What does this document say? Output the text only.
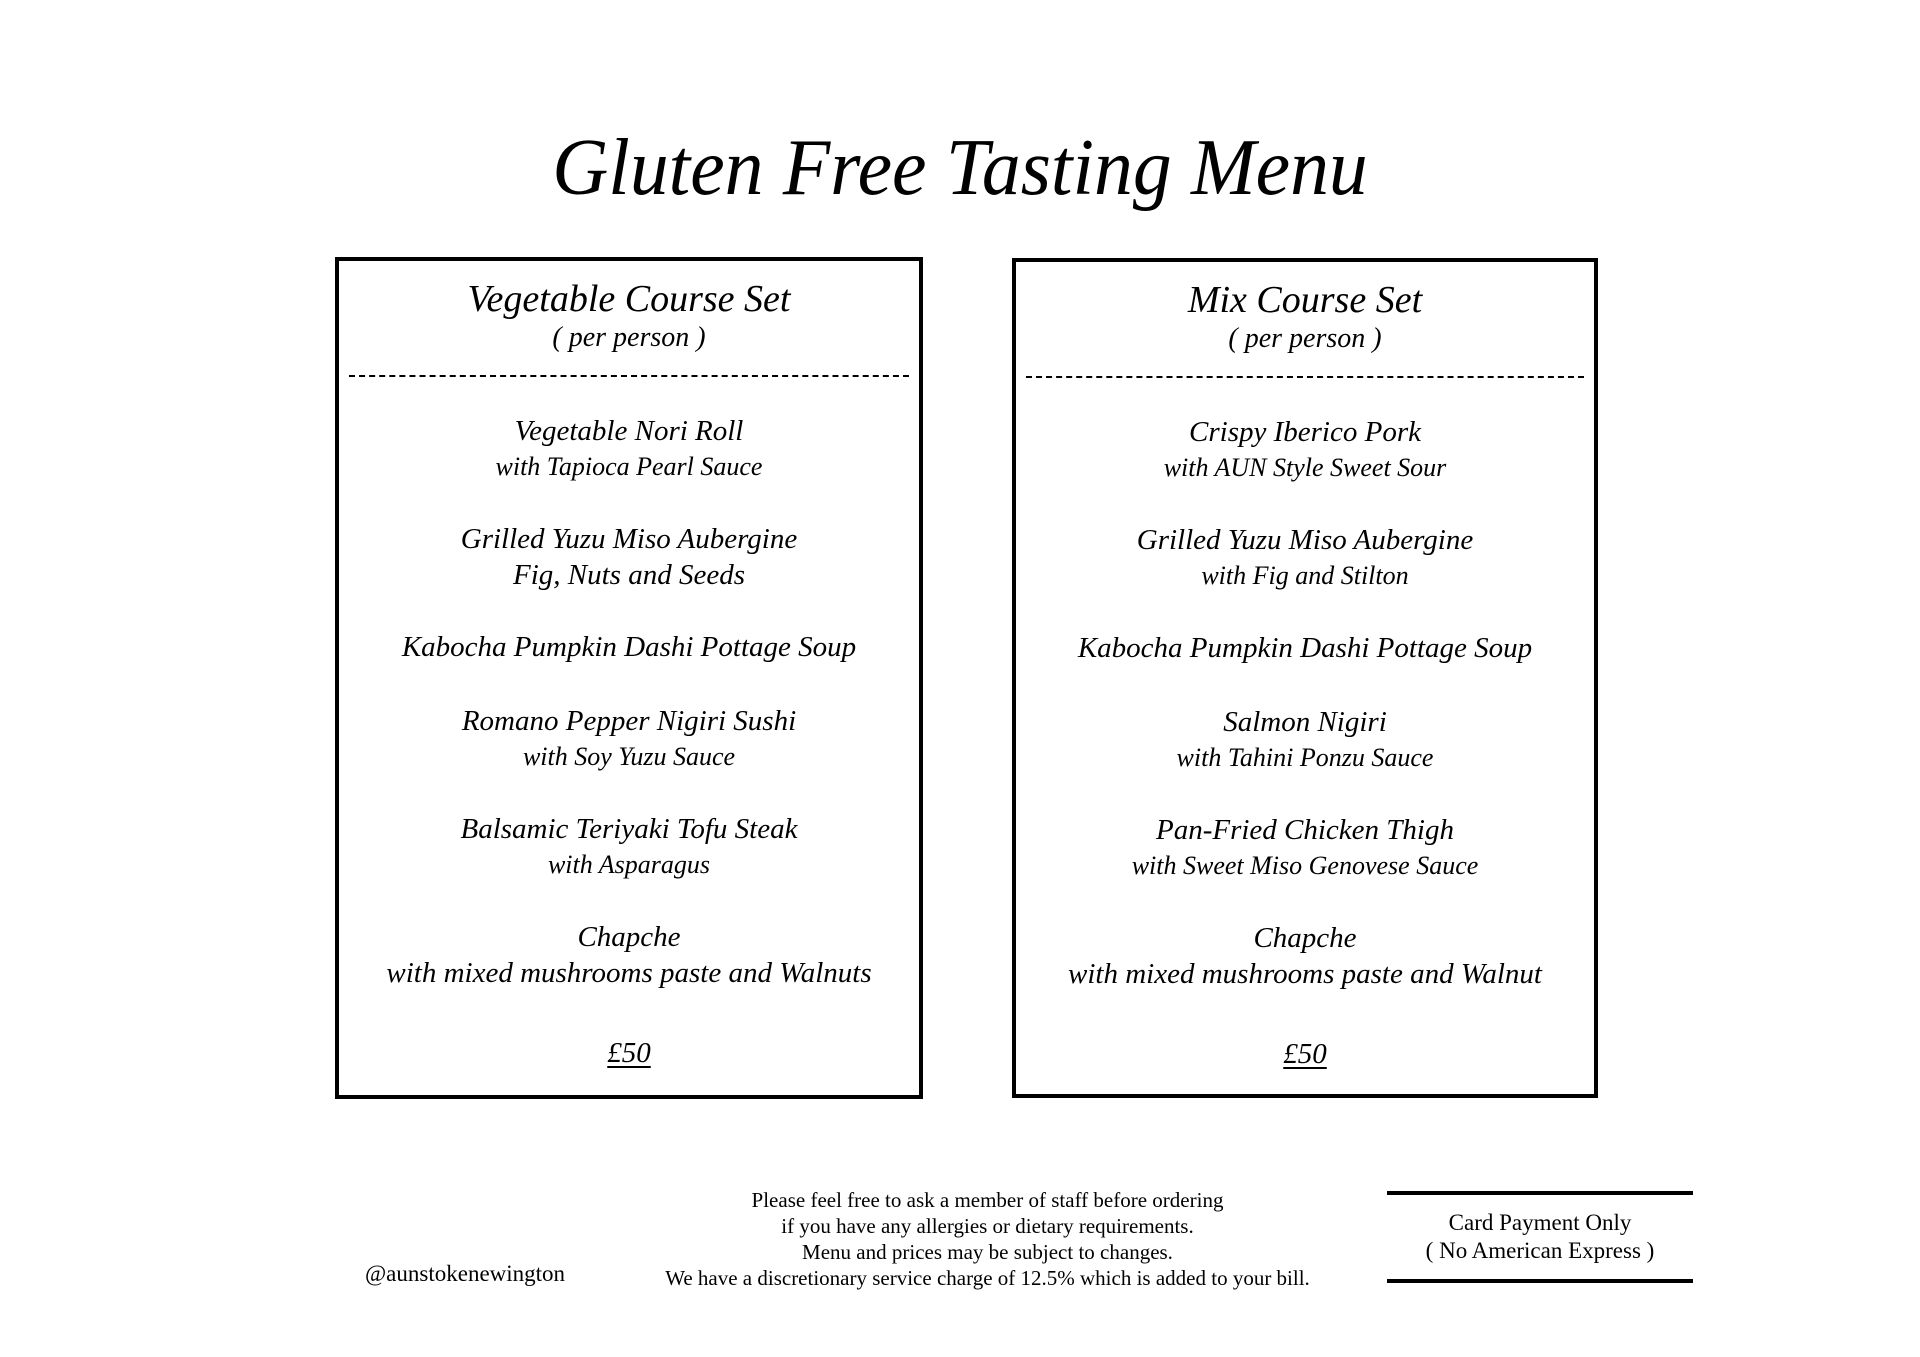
Gluten Free Tasting Menu
Vegetable Course Set
( per person )
Vegetable Nori Roll
with Tapioca Pearl Sauce
Grilled Yuzu Miso Aubergine
Fig, Nuts and Seeds
Kabocha Pumpkin Dashi Pottage Soup
Romano Pepper Nigiri Sushi
with Soy Yuzu Sauce
Balsamic Teriyaki Tofu Steak
with Asparagus
Chapche
with mixed mushrooms paste and Walnuts
£50
Mix Course Set
( per person )
Crispy Iberico Pork
with AUN Style Sweet Sour
Grilled Yuzu Miso Aubergine
with Fig and Stilton
Kabocha Pumpkin Dashi Pottage Soup
Salmon Nigiri
with Tahini Ponzu Sauce
Pan-Fried Chicken Thigh
with Sweet Miso Genovese Sauce
Chapche
with mixed mushrooms paste and Walnut
£50
@aunstokenewington
Please feel free to ask a member of staff before ordering
if you have any allergies or dietary requirements.
Menu and prices may be subject to changes.
We have a discretionary service charge of 12.5% which is added to your bill.
Card Payment Only
( No American Express )
